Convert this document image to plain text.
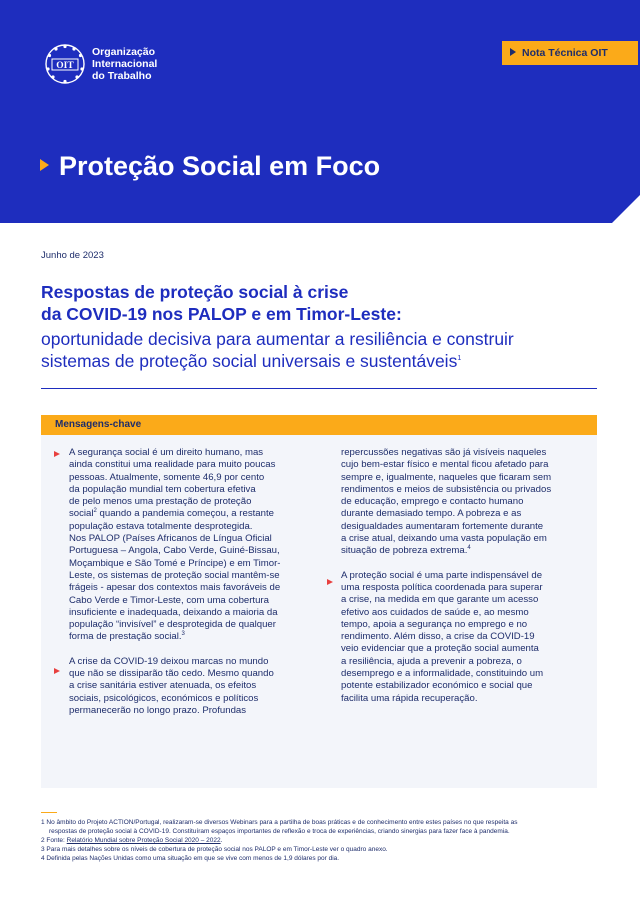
OIT
Organização
Internacional
do Trabalho
Nota Técnica OIT
Proteção Social em Foco
Junho de 2023
Respostas de proteção social à crise
da COVID-19 nos PALOP e em Timor-Leste:
oportunidade decisiva para aumentar a resiliência e construir
sistemas de proteção social universais e sustentáveis$^1$
Mensagens-chave

A segurança social é um direito humano, mas
ainda constitui uma realidade para muito poucas
pessoas. Atualmente, somente 46,9 por cento
da população mundial tem cobertura efetiva
de pelo menos uma prestação de proteção
social$^2$ quando a pandemia começou, a restante
população estava totalmente desprotegida.
Nos PALOP (Países Africanos de Língua Oficial
Portuguesa – Angola, Cabo Verde, Guiné-Bissau,
Moçambique e São Tomé e Príncipe) e em Timor-
Leste, os sistemas de proteção social mantêm-se
frágeis - apesar dos contextos mais favoráveis de
Cabo Verde e Timor-Leste, com uma cobertura
insuficiente e inadequada, deixando a maioria da
população “invisível” e desprotegida de qualquer
forma de prestação social.$^3$

A crise da COVID-19 deixou marcas no mundo
que não se dissiparão tão cedo. Mesmo quando
a crise sanitária estiver atenuada, os efeitos
sociais, psicológicos, económicos e políticos
permanecerão no longo prazo. Profundas

repercussões negativas são já visíveis naqueles
cujo bem-estar físico e mental ficou afetado para
sempre e, igualmente, naqueles que ficaram sem
rendimentos e meios de subsistência ou privados
de educação, emprego e contacto humano
durante demasiado tempo. A pobreza e as
desigualdades aumentaram fortemente durante
a crise atual, deixando uma vasta população em
situação de pobreza extrema.$^4$

A proteção social é uma parte indispensável de
uma resposta política coordenada para superar
a crise, na medida em que garante um acesso
efetivo aos cuidados de saúde e, ao mesmo
tempo, apoia a segurança no emprego e no
rendimento. Além disso, a crise da COVID-19
veio evidenciar que a proteção social aumenta
a resiliência, ajuda a prevenir a pobreza, o
desemprego e a informalidade, constituindo um
potente estabilizador económico e social que
facilita uma rápida recuperação.

1 No âmbito do Projeto ACTION/Portugal, realizaram-se diversos Webinars para a partilha de boas práticas e de conhecimento entre estes países no que respeita as
respostas de proteção social à COVID-19. Constituíram espaços importantes de reflexão e troca de experiências, criando sinergias para fazer face à pandemia.
2 Fonte: Relatório Mundial sobre Proteção Social 2020 – 2022.
3 Para mais detalhes sobre os níveis de cobertura de proteção social nos PALOP e em Timor-Leste ver o quadro anexo.
4 Definida pelas Nações Unidas como uma situação em que se vive com menos de 1,9 dólares por dia.
